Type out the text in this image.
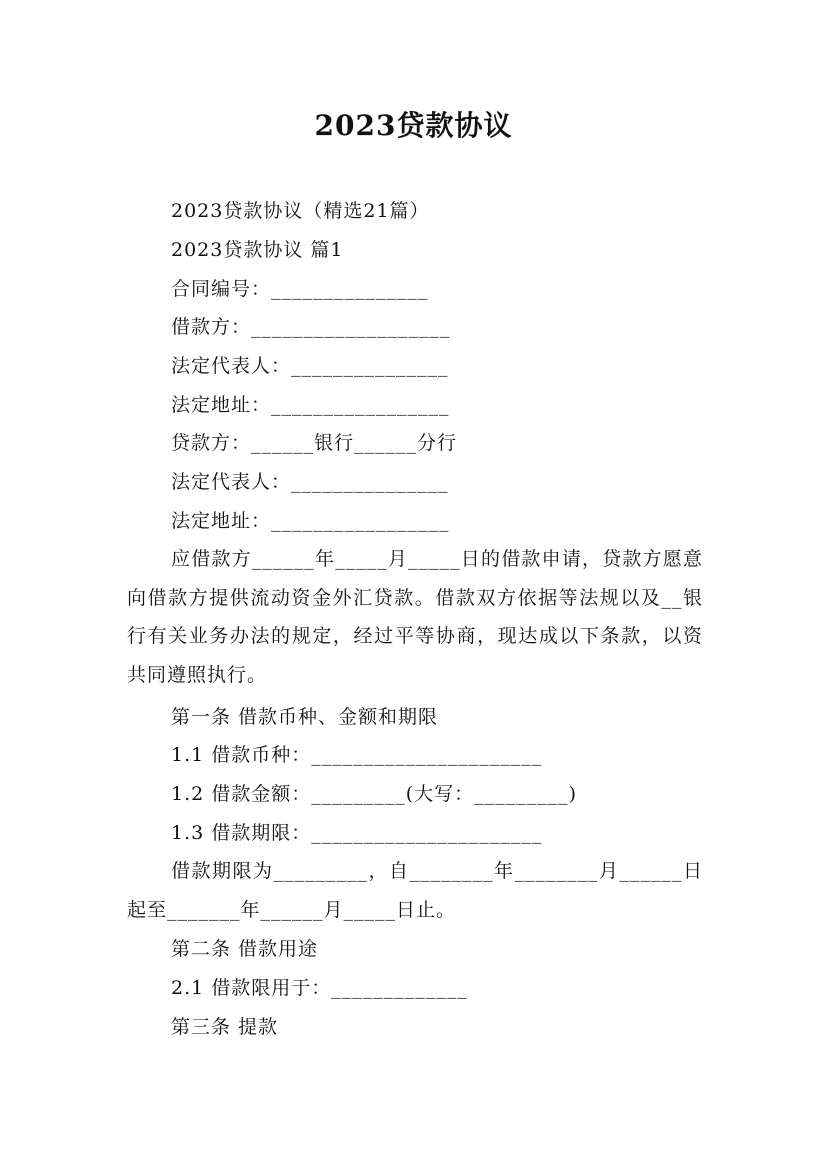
2023贷款协议
2023贷款协议（精选21篇）
2023贷款协议 篇1
合同编号：_______________
借款方：___________________
法定代表人：_______________
法定地址：_________________
贷款方：______银行______分行
法定代表人：_______________
法定地址：_________________
应借款方______年_____月_____日的借款申请，贷款方愿意向借款方提供流动资金外汇贷款。借款双方依据等法规以及__银行有关业务办法的规定，经过平等协商，现达成以下条款，以资共同遵照执行。
第一条 借款币种、金额和期限
1.1 借款币种：______________________
1.2 借款金额：_________(大写：_________)
1.3 借款期限：______________________
借款期限为_________，自________年________月______日起至_______年______月_____日止。
第二条 借款用途
2.1 借款限用于：_____________
第三条 提款
